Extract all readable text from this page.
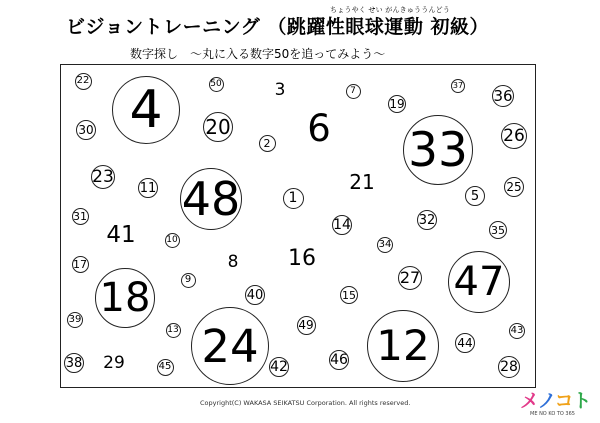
ビジョントレーニング （跳躍性眼球運動 初級）
ちょうやく せい がんきゅううんどう
数字探し　〜丸に入る数字50を追ってみよう〜
22	50	3	7	37
36
4	19
20
30	6	33 26
2
23
11	21
48	1	5
25
31
14	32
35
41	10	34
17	8	16
27 47
9
18	40	15
39	49	43
13 24	12	44
38 29	45	42	46	28
Copyright(C) WAKASA SEIKATSU Corporation. All rights reserved.	メノコト
ME NO KO TO 365
